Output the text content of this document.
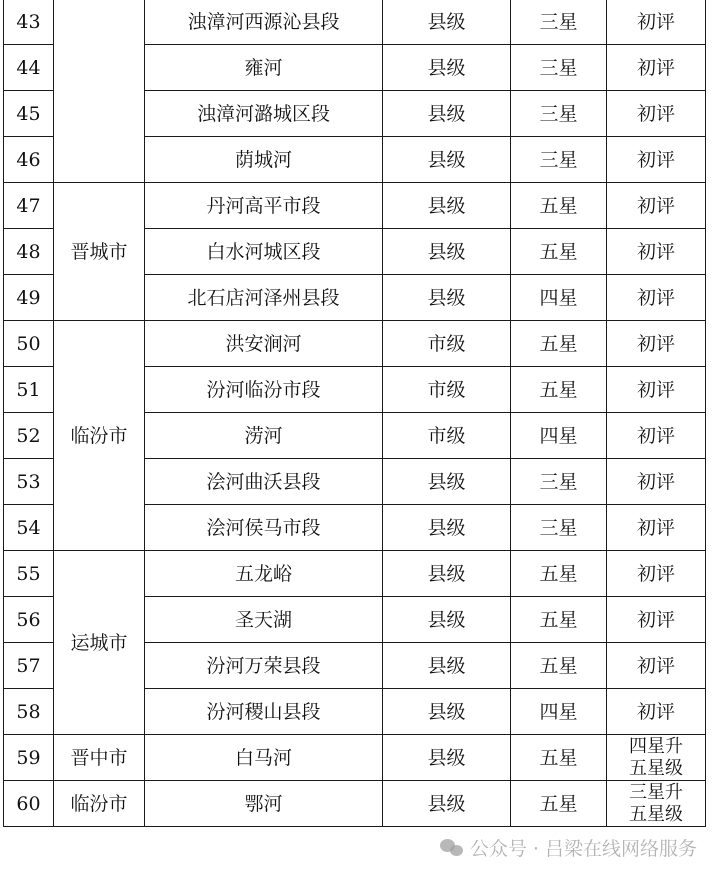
43		浊漳河西源沁县段	县级	三星	初评
44		雍河	县级	三星	初评
45		浊漳河潞城区段	县级	三星	初评
46		荫城河	县级	三星	初评
47	晋城市	丹河高平市段	县级	五星	初评
48		白水河城区段	县级	五星	初评
49		北石店河泽州县段	县级	四星	初评
50	临汾市	洪安涧河	市级	五星	初评
51		汾河临汾市段	市级	五星	初评
52		涝河	市级	四星	初评
53		浍河曲沃县段	县级	三星	初评
54		浍河侯马市段	县级	三星	初评
55	运城市	五龙峪	县级	五星	初评
56		圣天湖	县级	五星	初评
57		汾河万荣县段	县级	五星	初评
58		汾河稷山县段	县级	四星	初评
59	晋中市	白马河	县级	五星	四星升
五星级
60	临汾市	鄂河	县级	五星	三星升
五星级
公众号 · 吕梁在线网络服务
